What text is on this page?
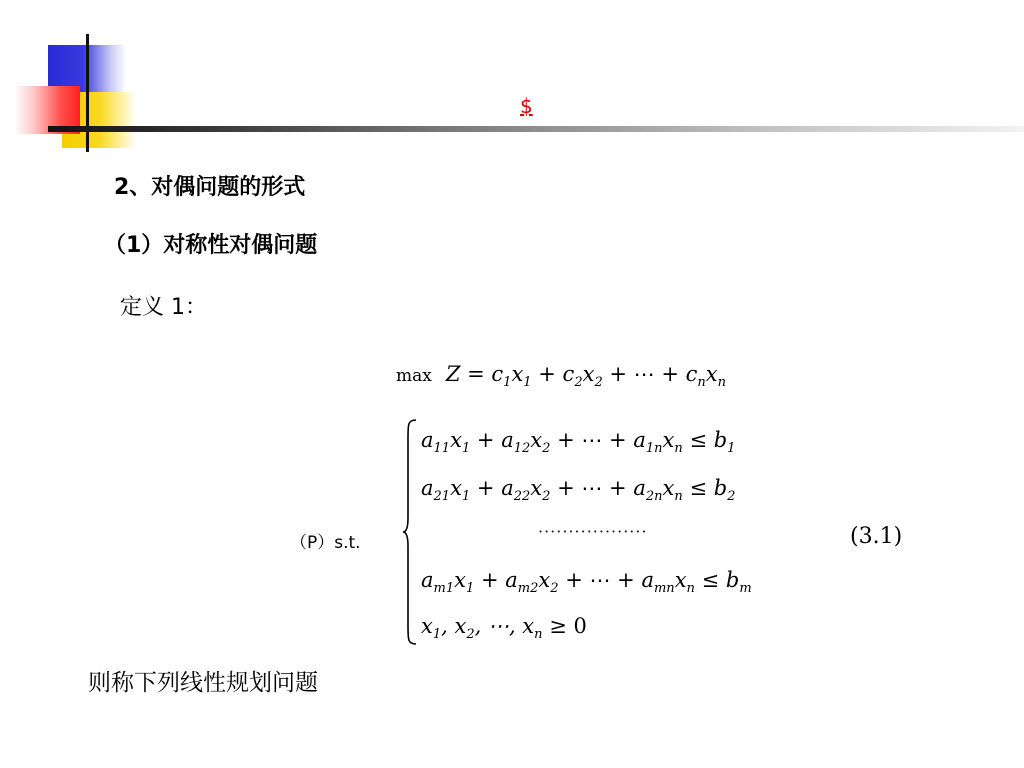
$
2、对偶问题的形式
（1）对称性对偶问题
定义 1：
$\max Z = c_1x_1 + c_2x_2$ + ⋯ + $c_nx_n$
$a_{11}x_1 + a_{12}x_2$ + ⋯ + $a_{1n}x_n \le b_1$
$a_{21}x_1 + a_{22}x_2$ + ⋯ + $a_{2n}x_n \le b_2$
··················
$a_{m1}x_1 + a_{m2}x_2$ + ⋯ + $a_{mn}x_n \le b_m$
$x_1$, $x_2$, ⋯, $x_n \ge 0$
（P）s.t.	(3.1)
则称下列线性规划问题
